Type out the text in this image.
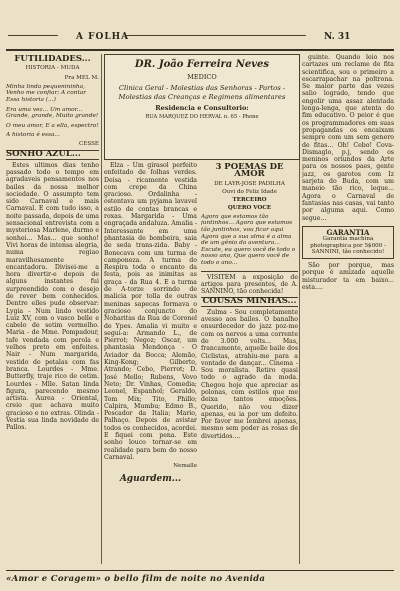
A FOLHA	N. 31
FUTILIDADES...
HISTORIA - MUDA
Pra MEL M.
Minha linda pequenininha, Venho me confiar; A contar Essa historia (...)
Era uma vez... Um amor... Grande, grande, Muito grande!
O meu amor, E a ella, espectro!
A historia é essa...
CESSE
SONHO AZUL...

Estes ultimos dias tenho passado todo o tempo em agradaveis pensamentos nos bailes da nossa melhor sociedade. O assumpto tem sido Carnaval e mais Carnaval. E com tudo isso, a noite passada, depois de uma sensacional entrevista com a mysteriosa Marlene, durmo e sonhei... Mas... que sonho! Vivi horas de intensa alegria, numa regiao maravilhosamente encantadora. Divisei-me a hora divertir-e depois de alguns instantes fui surpreendido com o desejo de rever bem conhecidos. Dentre elles pude observar: Lygia - Num lindo vestido Luiz XV, com o vasco belle e cabelo de setim vermelho. Maria - de Mme. Pompadour, tafe vendada com perola e velhos preto em enfeites. Nair - Num margarida, vestido de petalas com fas branca. Lourdes - Mme. Butterfly, traje rico de cetim. Lourdes - Mlle. Satan linda figura, parecendo mesmo artista. Aurea - Oriental, creio que achava muito gracioso e no extras. Olinda - Vestia sua linda novidade de Pallos.

DR. João Ferreira Neves
MEDICO
Clinica Geral - Molestias das Senhoras - Partos - Molestias das Creanças e Regimens alimentares
Residencia e Consultorio:
RUA MARQUEZ DO HERVAL n. 65 - Phone

Elza - Um girasol perfeito enfeitado de folhas verdes. Deisa - ricamente vestida com crepe da China gracioso. Ordalinha - ostentava um pyjama lavavel estilo de contas brancas e roxas. Margarida - Uma engraçada andaluza. Amalia - Interessante em uma phantasia de bombeira, saia de seda trans-zida. Baby - Bonecava com um turma de camponeza. A turma do Respira toda o encanto da festa, pois as inimitas as graça - da Rua 4. E a turma de A-torze sorrindo de malicia por tolla de outras meninas sapecas formava o gracioso conjuncto do Noharitas da Rua de Coronel de Ypes. Amalia vi muito e segui-a: Armando L., de Pierrot; Negoz; Oscar, um phantasia Mendonça - O Aviador da Bocca; Alemão, King-Kong; Gilberto, Atrando; Cebo, Pierrot; D. José Mello; Rubens, Vovo Neto; Dr. Vinhas, Comedia; Leonel, Espanhol; Geraldo, Tom Mix; Tito, Phillo; Calpira, Mumbu; Edmo B., Pescador da Italia; Mario, Palhaço. Depois de avistar todos os conhecidos, acordei. E fiquei com pena. Este sonho louco tornar-se em realidade para bem do nosso Carnaval.

Nemalle
Aguardem...
3 POEMAS DE AMOR
DE LAYR-JOSE PADILHA
Ouvi do Feliz Idade
TERCEIRO
QUERO VOCE
Agora que estamos tão juntinhos... Agora que estamos tão juntinhos, vou ficar aqui Agora que a sua alma é a alma de um gênio da aventura... Escute, eu quero você de todo o nosso ano, Que quero você de todo o ano...

VISITEM a exposição de artigos para presentes, de A. SANNINO, tão conhecida!

COUSAS MINHAS...

Zulma - Sou completamente avesso aos bailes. O banalho ensurdecedor do jazz poz-me com os nervos a uma corrente de 3.000 volts... Mas, francamente, aquelle baile dos Ciclistas, atrahiu-me para a vontade de dançar... Cinema - Sou moralista. Retiro quasi todo o agrado da moda. Chegou hoje que apreciar as polonas, com estilos que me deixa tantos emoções. Querido, não vou dizer apenas, eu ia por um defeito. Por favor me lembrei apenas, mesmo sem poder as rosas de divertidos....

guinte. Quando leio nos cartazes um reclame de fita scientifica, sou o primeiro a escarrapachar na poltrona. Se maior parte das vezes salio logrado, tendo que engolir uma assaz alentada lenga-lenga, que atenta do fim educativo. O peior é que os programmadores em suas propagandas os encaixam sempre com um sem genero de fitas... Oh! Cebo! Cova-Dismaglo, p.j, sendo os meninos oriundos da Arte para os nossos paes, gente jazz, os garotos com Iz sarjeta do Buda, com um maneio tão rico, leque... Agora o Carnaval de fantasias nas casas, vai tanto por alguma aqui. Como segue...

GARANTIA
Garantia machina photographica por 5$000 - SANNINI, tão conhecido!

São por porque, mas porque é amizade aquelle misturador ta em baixo... esta....

«Amor e Coragem» o bello film de noite no Avenida
